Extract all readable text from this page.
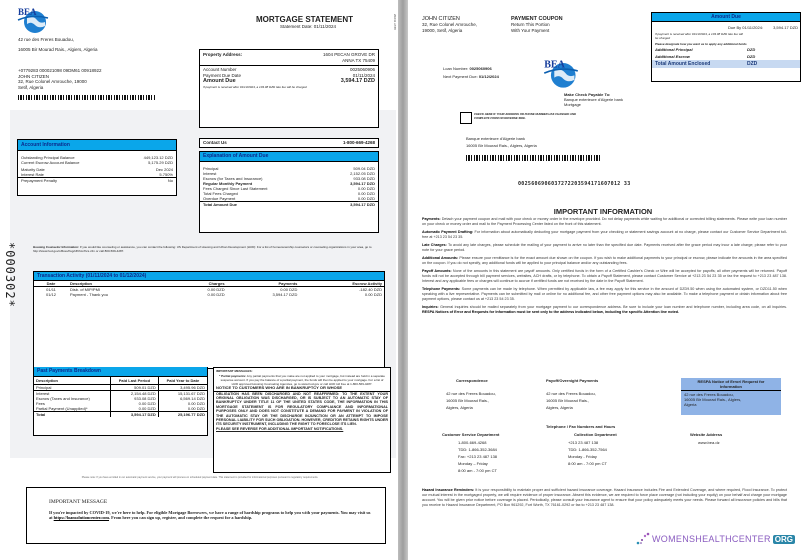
BEA
42 rue des Freres Bouadou,
16005 Bir Mourad Rais., Algiers, Algeria
+0779283 000021098 09DM61 00918922
JOHN CITIZEN
32, Rue Colonel Amrouche, 19000
Setif, Algeria
MORTGAGE STATEMENT
Statement Date: 01/11/2024	20241 of 88
Property Address:	1604 PECAN GROVE DR
ANNA TX 75409
Account Number	0025060906
Payment Due Date	01/11/2024
Amount Due	3,594.17 DZD
If payment is received after 01/13/2024, a 103.08 DZD late fee will be charged
Contact Us	1-800-669-4268
Explanation of Amount Due
Principal	509.04 DZD
Interest	2,152.05 DZD
Escrow (for Taxes and Insurance)	933.08 DZD
Regular Monthly Payment	3,594.17 DZD
Fees Charged Since Last Statement	0.00 DZD
Total Fees Charged	0.00 DZD
Overdue Payment	0.00 DZD
Total Amount Due	3,594.17 DZD
Account Information
Outstanding Principal Balance	449,123.12 DZD
Current Escrow Account Balance	5,175.29 DZD
Maturity Date	Dec 2024
Interest Rate	5.750%
Prepayment Penalty	No
Housing Counselor Information: If you would like counseling or assistance, you can contact the following: US Department of Housing and Urban Development (HUD): For a list of homeownership counselors or counseling organizations in your area, go to http://www.hud.gov/offices/hsg/sfh/hcc/hcs.cfm or call 800-569-4287.
*000302*	Transaction Activity (01/11/2024 to 01/12/2024)
Date	Description	Charges	Payments	Escrow Activity
01/11	Disb. of MIP/PMI	0.00 DZD	0.00 DZD	-182.40 DZD
01/12	Payment - Thank you	0.00 DZD	3,594.17 DZD	0.00 DZD
Past Payments Breakdown
Description	Paid Last Period	Paid Year to Date
Principal	509.01 DZD	3,495.96 DZD
Interest	2,154.48 DZD	15,131.67 DZD
Escrow (Taxes and Insurance)	933.08 DZD	6,569.14 DZD
Fees	0.00 DZD	0.00 DZD
Partial Payment (Unapplied)*	0.00 DZD	0.00 DZD
Total	3,594.17 DZD	25,196.77 DZD
IMPORTANT MESSAGES:
* Partial payments: Any partial payments that you make are not applied to your mortgage, but instead are held in a separate suspense account. If you pay the balance of a partial payment, the funds will then be applied to your mortgage. For a list of HUD approved Housing Counseling Agencies, go to www.hud.gov or call HUD toll free at 1-800-569-4287.
NOTICE TO CUSTOMERS WHO ARE IN BANKRUPTCY OR WHOSE
OBLIGATION HAS BEEN DISCHARGED AND NOT REAFFIRMED: TO THE EXTENT YOUR ORIGINAL OBLIGATION WAS DISCHARGED, OR IS SUBJECT TO AN AUTOMATIC STAY OF BANKRUPTCY UNDER TITLE 11 OF THE UNITED STATES CODE, THE INFORMATION IN THIS MORTGAGE STATEMENT IS FOR REGULATORY COMPLIANCE AND INFORMATIONAL PURPOSES ONLY AND DOES NOT CONSTITUTE A DEMAND FOR PAYMENT IN VIOLATION OF THE AUTOMATIC STAY OR THE DISCHARGE INJUNCTION OR AN ATTEMPT TO IMPOSE PERSONAL LIABILITY FOR SUCH OBLIGATION. HOWEVER, CREDITOR RETAINS RIGHTS UNDER ITS SECURITY INSTRUMENT, INCLUDING THE RIGHT TO FORECLOSE ITS LIEN.
PLEASE SEE REVERSE FOR ADDITIONAL IMPORTANT NOTIFICATIONS.
Please note: If you have enrolled in our automatic payment service, your payment will process on scheduled payment date. This statement is provided for informational purposes pursuant to regulatory requirements.
IMPORTANT MESSAGE
If you're impacted by COVID-19, we're here to help. For eligible Mortgage Borrowers, we have a range of hardship programs to help you with your payments. You may visit us at https://loansolutioncenter.com. From here you can sign up, register, and complete the request for a hardship.
JOHN CITIZEN
32, Rue Colonel Amrouche,
19000, Setif, Algeria
PAYMENT COUPON
Return This Portion
With Your Payment
Loan Number: 0025060906
Next Payment Due: 01/12/2024
BEA
Make Check Payable To:
Banque exterieure d'Algerie bank
Mortgage
Amount Due
Due By 01/11/2024:	3,594.17 DZD
If payment is received after 01/13/2024, a 103.08 DZD late fee will be charged
Please designate how you want us to apply any additional funds
Additional Principal	DZD
Additional Escrow	DZD
Total Amount Enclosed	DZD
CHECK HERE IF YOUR ADDRESS OR PHONE NUMBER HAS CHANGED AND COMPLETE FORM ON REVERSE SIDE.
Banque exterieure d'Algerie bank
16005 Bir Mourad Rais., Algiers, Algeria
0025606906037272203594171607012 33
IMPORTANT INFORMATION

Payments: Detach your payment coupon and mail with your check or money order in the envelope provided. Do not delay payments while waiting for additional or corrected billing statements. Please write your loan number on your check or money order and mail to the Payment Processing Center listed on the front of this statement.

Automatic Payment Drafting: For information about automatically deducting your mortgage payment from your checking or statement savings account at no charge, please contact our Customer Service Department toll-free at +213 23 54 23 35.

Late Charges: To avoid any late charges, please schedule the mailing of your payment to arrive no later than the specified due date. Payments received after the grace period may incur a late charge; please refer to your note for your grace period.

Additional Amounts: Please ensure your remittance is for the exact amount due shown on the coupon. If you wish to make additional payments to your principal or escrow, please indicate the amounts in the area specified on the coupon. If you do not specify, any additional funds will be applied to your principal balance and/or any outstanding fees.

Payoff Amounts: None of the amounts in this statement are payoff amounts. Only certified funds in the form of a Certified Cashier's Check or Wire will be accepted for payoffs; all other payments will be returned. Payoff funds will not be accepted through bill payment services, websites, ACH drafts, or by telephone. To obtain a Payoff Statement, please contact Customer Service at +213 23 54 23 35 or fax the request to +213 23 487 138. Interest and any applicable fees or charges will continue to accrue if certified funds are not received by the date in the Payoff Statement.

Telephone Payments: Some payments can be made by telephone. When permitted by applicable law, a fee may apply for this service in the amount of DZD9.50 when using the automated system, or DZD11.50 when speaking with a live representative. Payments can be submitted by mail or online for no additional fee, and other free payment options may also be available. To make a telephone payment or obtain information about free payment options, please contact us at +213 23 54 23 35.

Inquiries: General inquiries should be mailed separately from your mortgage payment to our correspondence address. Be sure to include your loan number and telephone number, including area code, on all inquiries. RESPA Notices of Error and Requests for Information must be sent only to the address indicated below, including the specific Attention line noted.

Correspondence
42 rue des Freres Bouadou,
16005 Bir Mourad Rais.,
Algiers, Algeria
Payoff/Overnight Payments
42 rue des Freres Bouadou,
16005 Bir Mourad Rais.,
Algiers, Algeria
RESPA Notice of Error/ Request for Information
42 rue des Freres Bouadou,
16005 Bir Mourad Rais., Algiers,
Algeria
Telephone / Fax Numbers and Hours
Customer Service Department
1-800-669-4268
TDD: 1-866-352-3684
Fax: +213 23 487 138
Monday – Friday
8:00 am - 7:00 pm CT
Collection Department
+213 23 487 138
TDD: 1-866-352-7564
Monday - Friday
8:00 am - 7:00 pm CT
Website Address
www.bea.dz
Hazard Insurance Reminders: It is your responsibility to maintain proper and sufficient hazard insurance coverage. Hazard insurance includes Fire and Extended Coverage, and where required, Flood insurance. To protect our mutual interest in the mortgaged property, we will require evidence of proper insurance. Absent this evidence, we are required to force place coverage (not including your equity) on your behalf and charge your mortgage account. You will be given prior notice before coverage is placed. Periodically, please consult your insurance agent to ensure that your policy adequately meets your needs. Please forward all insurance policies and bills that you receive to Hazard Insurance Department, PO Box 961292, Fort Worth, TX 76161-0292 or fax to +213 23 487 138.
WOMENSHEALTHCENTER ORG
